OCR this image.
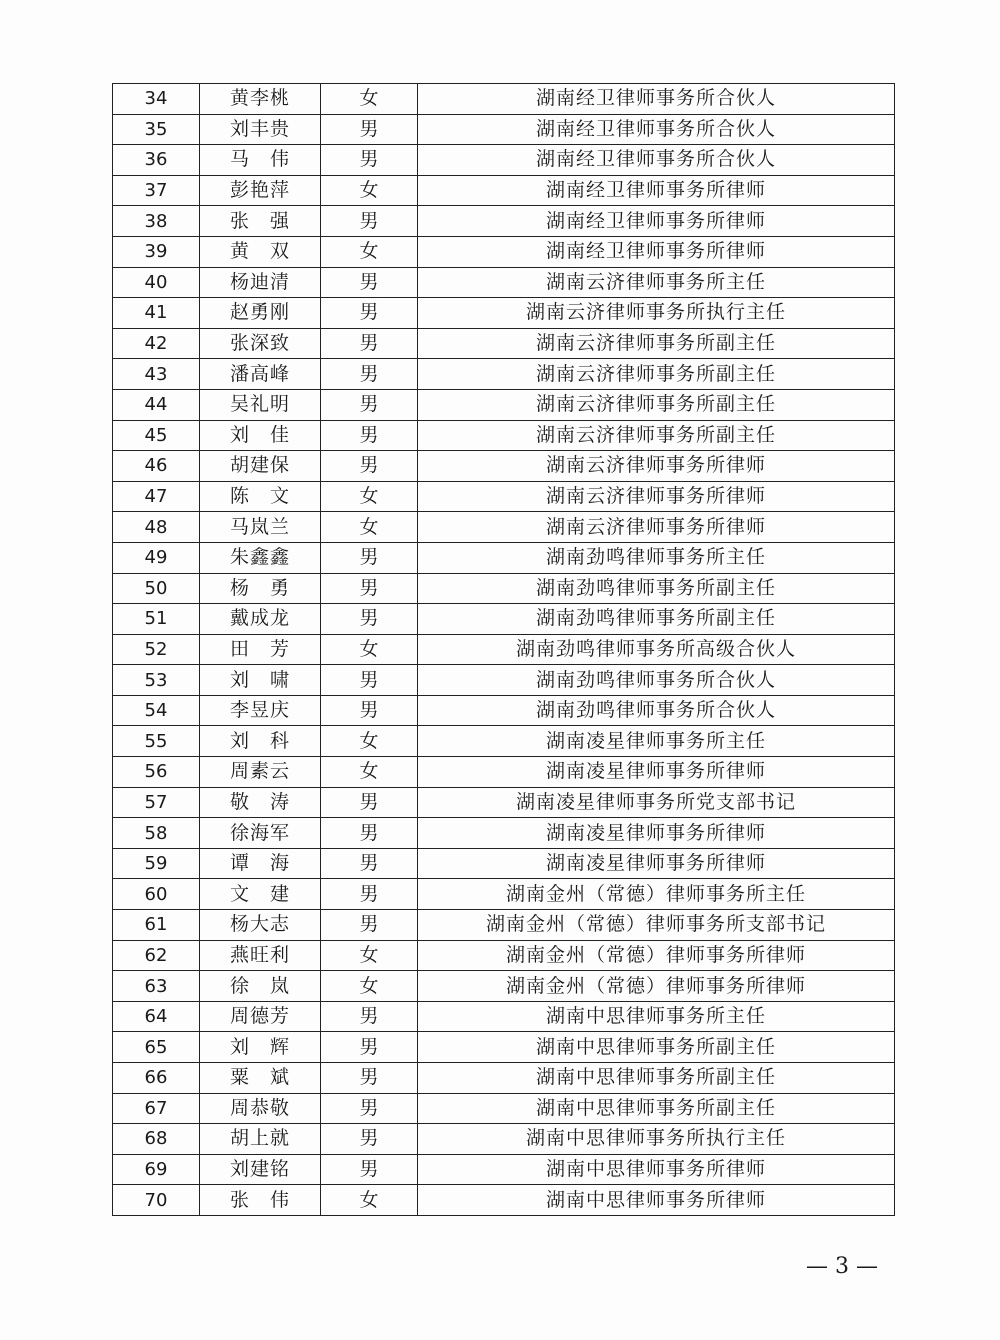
34	黄李桃	女	湖南经卫律师事务所合伙人
35	刘丰贵	男	湖南经卫律师事务所合伙人
36	马　伟	男	湖南经卫律师事务所合伙人
37	彭艳萍	女	湖南经卫律师事务所律师
38	张　强	男	湖南经卫律师事务所律师
39	黄　双	女	湖南经卫律师事务所律师
40	杨迪清	男	湖南云济律师事务所主任
41	赵勇刚	男	湖南云济律师事务所执行主任
42	张深致	男	湖南云济律师事务所副主任
43	潘高峰	男	湖南云济律师事务所副主任
44	吴礼明	男	湖南云济律师事务所副主任
45	刘　佳	男	湖南云济律师事务所副主任
46	胡建保	男	湖南云济律师事务所律师
47	陈　文	女	湖南云济律师事务所律师
48	马岚兰	女	湖南云济律师事务所律师
49	朱鑫鑫	男	湖南劲鸣律师事务所主任
50	杨　勇	男	湖南劲鸣律师事务所副主任
51	戴成龙	男	湖南劲鸣律师事务所副主任
52	田　芳	女	湖南劲鸣律师事务所高级合伙人
53	刘　啸	男	湖南劲鸣律师事务所合伙人
54	李昱庆	男	湖南劲鸣律师事务所合伙人
55	刘　科	女	湖南凌星律师事务所主任
56	周素云	女	湖南凌星律师事务所律师
57	敬　涛	男	湖南凌星律师事务所党支部书记
58	徐海军	男	湖南凌星律师事务所律师
59	谭　海	男	湖南凌星律师事务所律师
60	文　建	男	湖南金州（常德）律师事务所主任
61	杨大志	男	湖南金州（常德）律师事务所支部书记
62	燕旺利	女	湖南金州（常德）律师事务所律师
63	徐　岚	女	湖南金州（常德）律师事务所律师
64	周德芳	男	湖南中思律师事务所主任
65	刘　辉	男	湖南中思律师事务所副主任
66	粟　斌	男	湖南中思律师事务所副主任
67	周恭敬	男	湖南中思律师事务所副主任
68	胡上就	男	湖南中思律师事务所执行主任
69	刘建铭	男	湖南中思律师事务所律师
70	张　伟	女	湖南中思律师事务所律师
— 3 —
